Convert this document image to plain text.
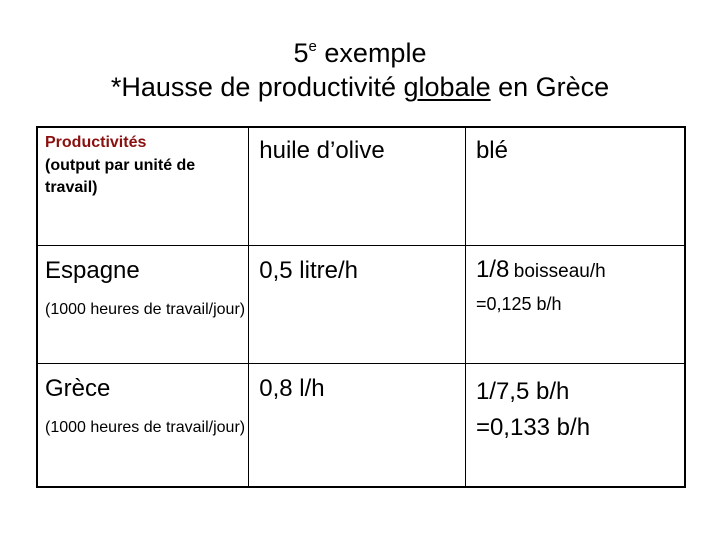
5e exemple
*Hausse de productivité globale en Grèce
Productivités
(output par unité de travail)	huile d’olive	blé

Espagne
(1000 heures de travail/jour)	0,5 litre/h	1/8 boisseau/h
=0,125 b/h

Grèce
(1000 heures de travail/jour)	0,8 l/h	1/7,5 b/h
=0,133 b/h
